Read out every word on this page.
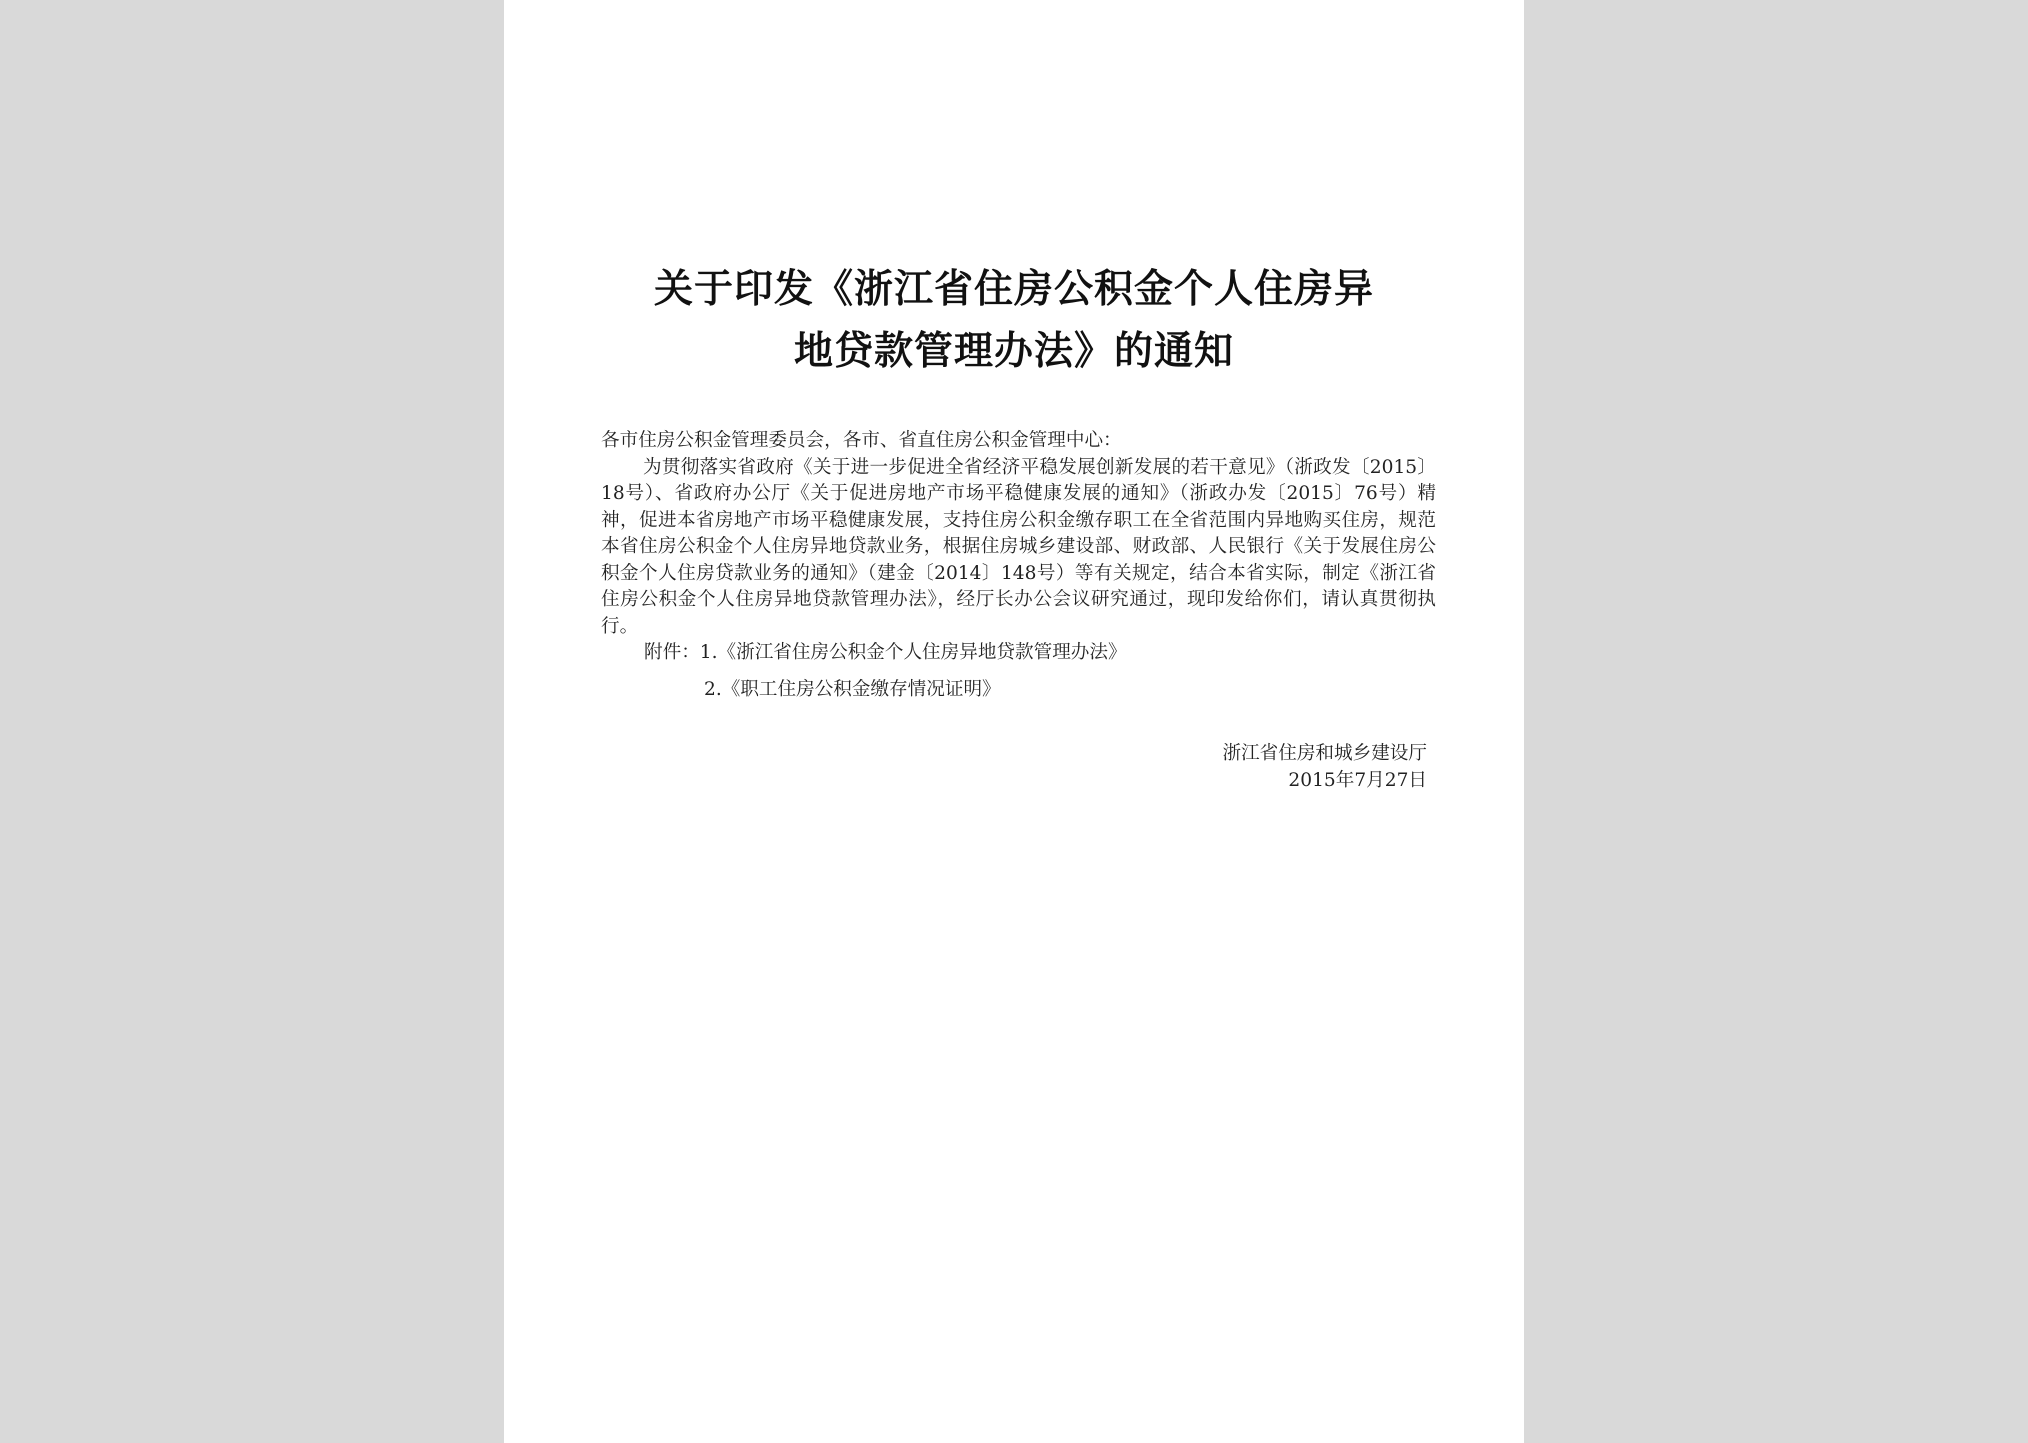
关于印发《浙江省住房公积金个人住房异
地贷款管理办法》的通知

各市住房公积金管理委员会，各市、省直住房公积金管理中心：

为贯彻落实省政府《关于进一步促进全省经济平稳发展创新发展的若干意见》（浙政发〔2015〕18号）、省政府办公厅《关于促进房地产市场平稳健康发展的通知》（浙政办发〔2015〕76号）精神，促进本省房地产市场平稳健康发展，支持住房公积金缴存职工在全省范围内异地购买住房，规范本省住房公积金个人住房异地贷款业务，根据住房城乡建设部、财政部、人民银行《关于发展住房公积金个人住房贷款业务的通知》（建金〔2014〕148号）等有关规定，结合本省实际，制定《浙江省住房公积金个人住房异地贷款管理办法》，经厅长办公会议研究通过，现印发给你们，请认真贯彻执行。

附件：1.《浙江省住房公积金个人住房异地贷款管理办法》
2.《职工住房公积金缴存情况证明》
浙江省住房和城乡建设厅
2015年7月27日
